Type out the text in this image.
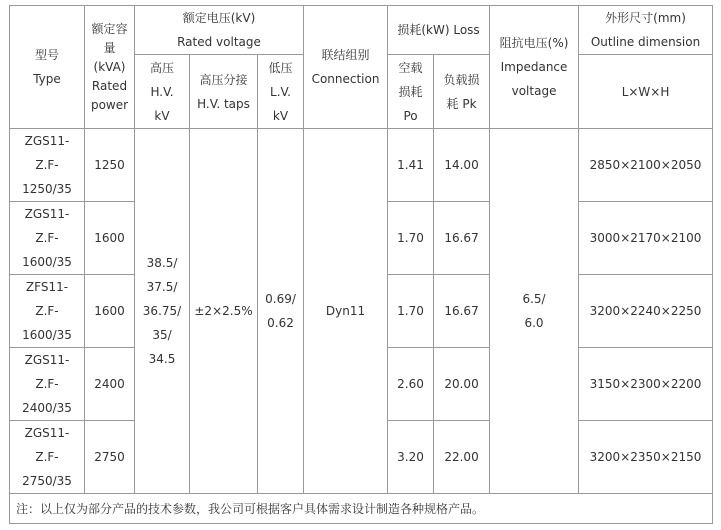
型号
Type	额定容
量
(kVA)
Rated
power	额定电压(kV)
Rated voltage			联结组别
Connection	损耗(kW) Loss		阻抗电压(%)
Impedance
voltage	外形尺寸(mm)
Outline dimension
		高压
H.V.
kV	高压分接
H.V. taps	低压
L.V.
kV		空载
损耗
Po	负载损
耗 Pk		L×W×H
ZGS11-
Z.F-
1250/35	1250	38.5/
37.5/
36.75/
35/
34.5	±2×2.5%	0.69/
0.62	Dyn11	1.41	14.00	6.5/
6.0	2850×2100×2050
ZGS11-
Z.F-
1600/35	1600					1.70	16.67		3000×2170×2100
ZFS11-
Z.F-
1600/35	1600					1.70	16.67		3200×2240×2250
ZGS11-
Z.F-
2400/35	2400					2.60	20.00		3150×2300×2200
ZGS11-
Z.F-
2750/35	2750					3.20	22.00		3200×2350×2150
注：以上仅为部分产品的技术参数，我公司可根据客户具体需求设计制造各种规格产品。									
